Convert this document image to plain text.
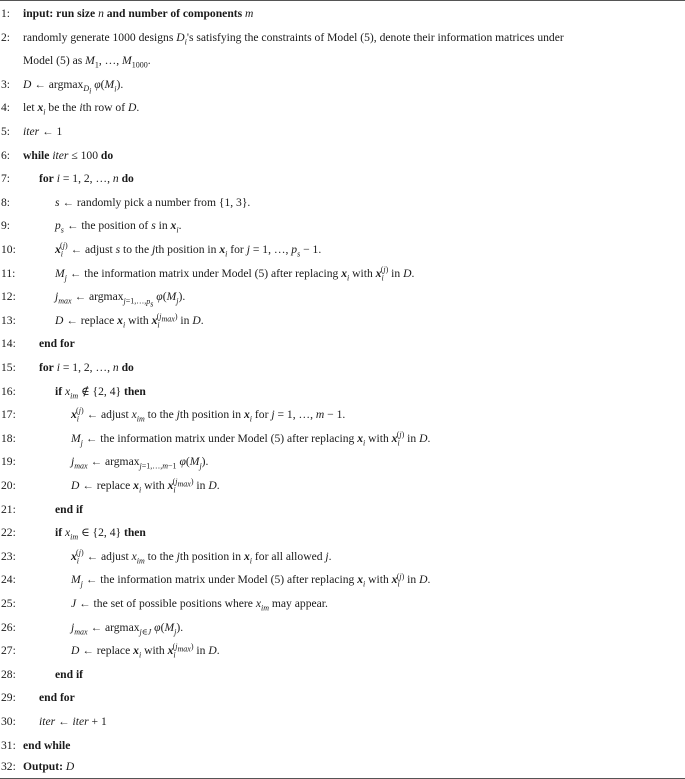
1:	input: run size n and number of components m
2:	randomly generate 1000 designs $D_i's$ satisfying the constraints of Model (5), denote their information matrices under
Model (5) as $M_1$, …, $M_{1000}$.
3:	D ← argmax$_{D_i}$ $\varphi(M_i)$.
4:	let $x_i$ be the ith row of D.
5:	iter ← 1
6:	while iter ≤ 100 do
7:	for i = 1, 2, …, n do
8:	s ← randomly pick a number from {1, 3}.
9:	$p_s$ ← the position of s in $x_i$.
10:	$x_i^{(j)}$ ← adjust s to the jth position in $x_i$ for j = 1, …, $p_s - 1$.
11:	$M_j$ ← the information matrix under Model (5) after replacing $x_i$ with $x_i^{(j)}$ in D.
12:	$j_{max}$ ← argmax$_{j=1,\dots,p_s}$ $\varphi(M_j)$.
13:	D ← replace $x_i$ with $x_i^{(j_{max})}$ in D.
14:	end for
15:	for i = 1, 2, …, n do
16:	if $x_{im}$ ∉ {2, 4} then
17:	$x_i^{(j)}$ ← adjust $x_{im}$ to the jth position in $x_i$ for j = 1, …, m − 1.
18:	$M_j$ ← the information matrix under Model (5) after replacing $x_i$ with $x_i^{(j)}$ in D.
19:	$j_{max}$ ← argmax$_{j=1,\dots,m-1}$ $\varphi(M_j)$.
20:	D ← replace $x_i$ with $x_i^{(j_{max})}$ in D.
21:	end if
22:	if $x_{im}$ ∈ {2, 4} then
23:	$x_i^{(j)}$ ← adjust $x_{im}$ to the jth position in $x_i$ for all allowed j.
24:	$M_j$ ← the information matrix under Model (5) after replacing $x_i$ with $x_i^{(j)}$ in D.
25:	J ← the set of possible positions where $x_{im}$ may appear.
26:	$j_{max}$ ← argmax$_{j\in J}$ $\varphi(M_j)$.
27:	D ← replace $x_i$ with $x_i^{(j_{max})}$ in D.
28:	end if
29:	end for
30:	iter ← iter + 1
31: end while
32: Output: D
